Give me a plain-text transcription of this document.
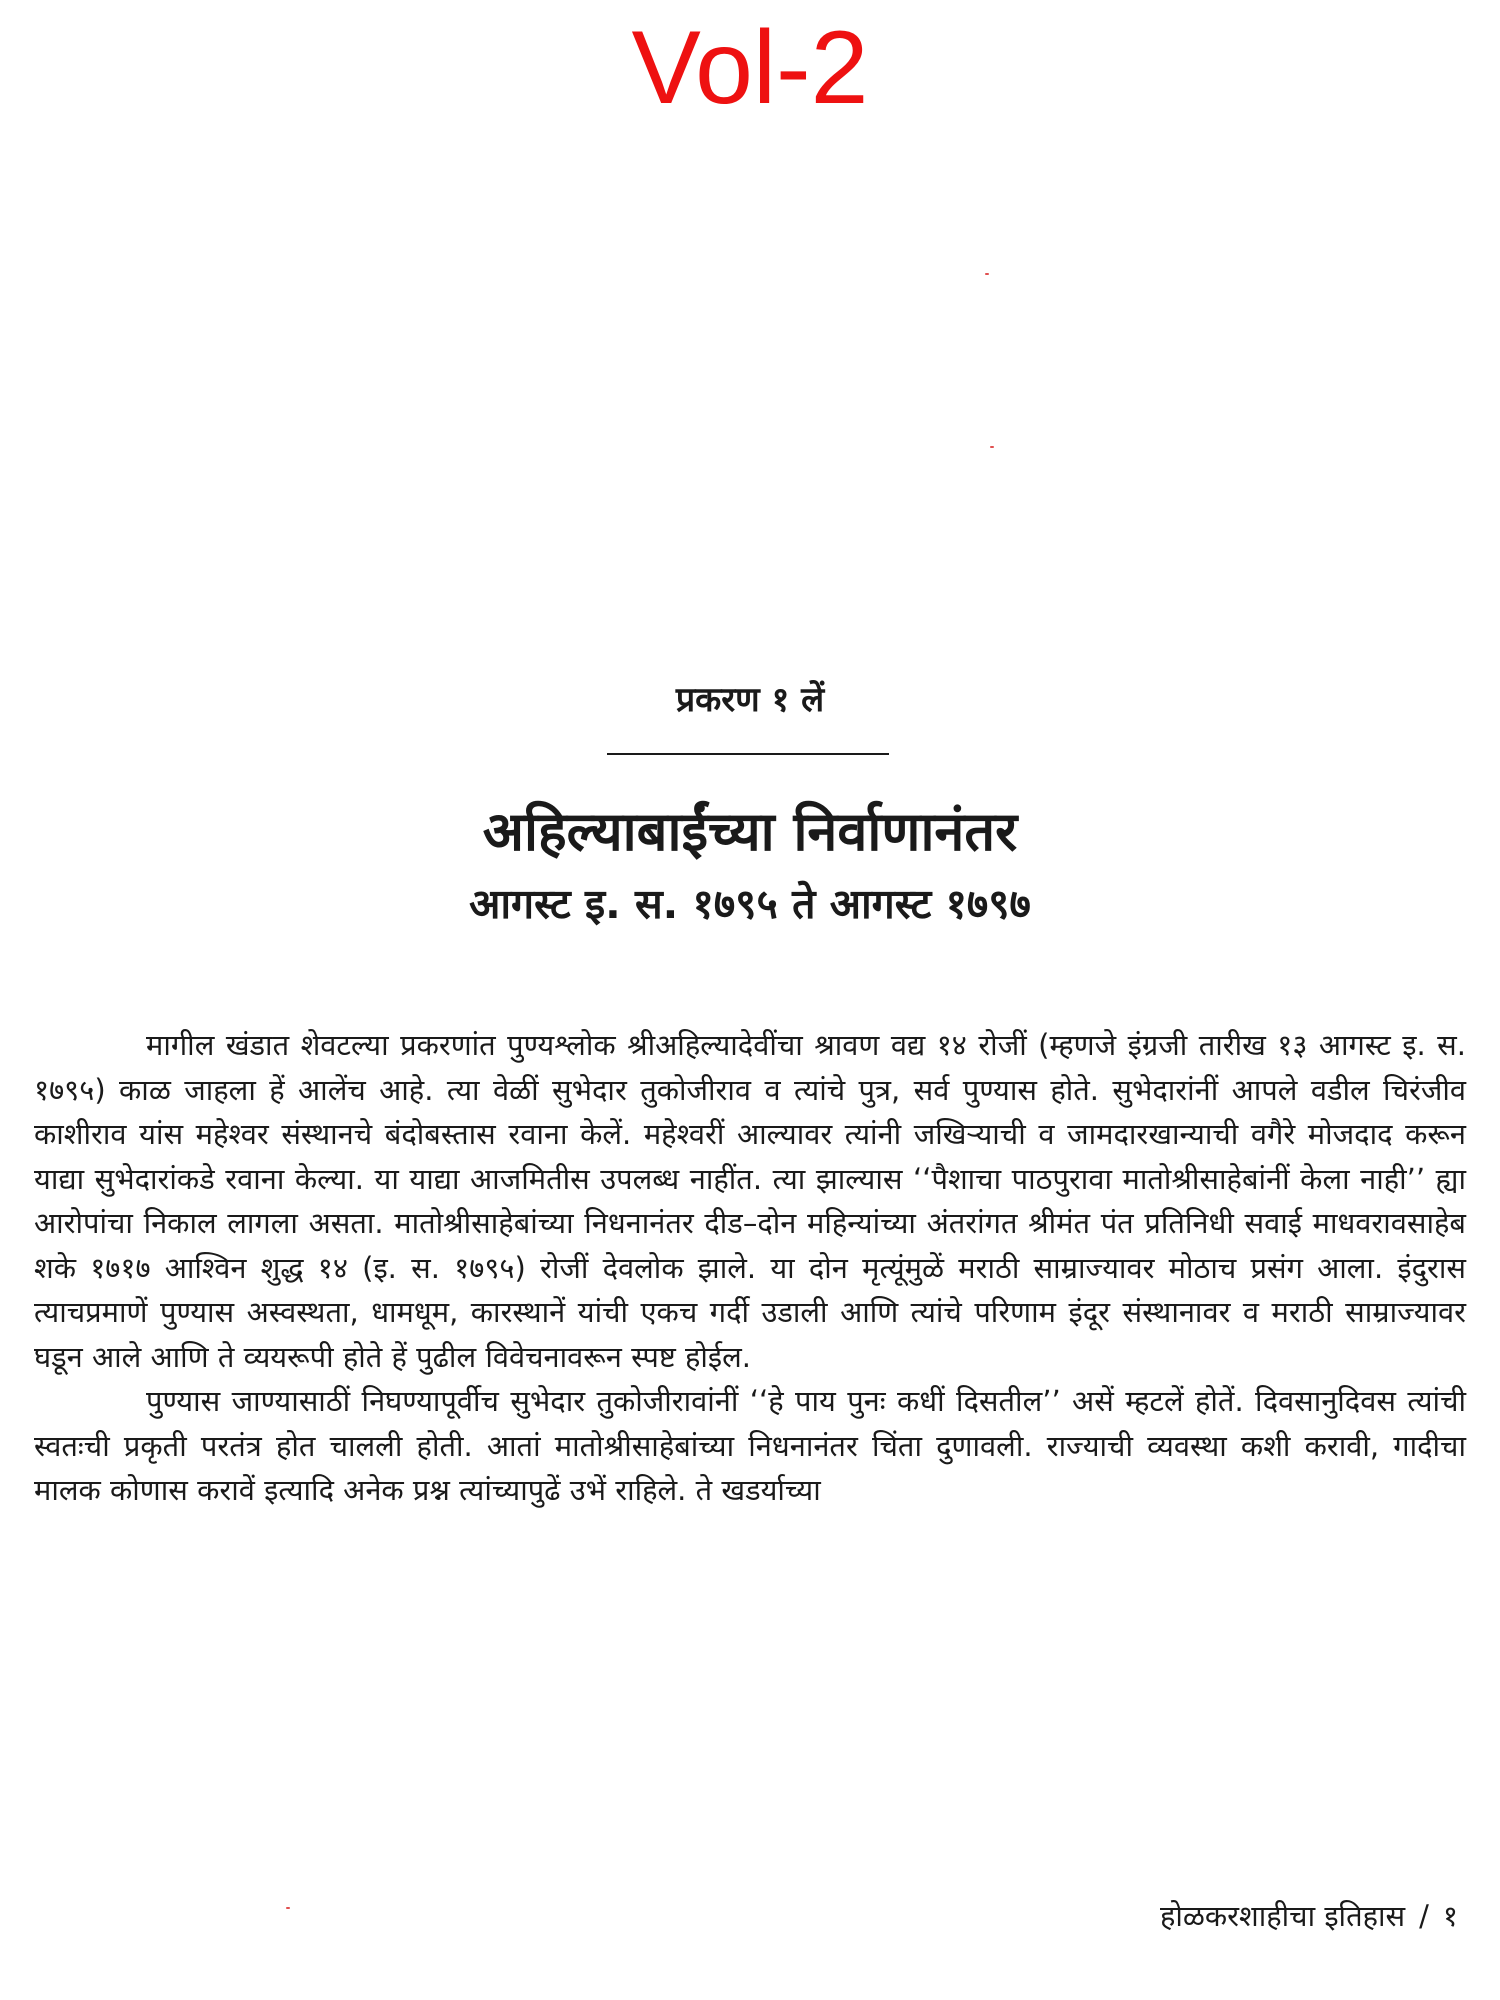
Vol-2
प्रकरण १ लें
अहिल्याबाईंच्या निर्वाणानंतर
आगस्ट इ. स. १७९५ ते आगस्ट १७९७

मागील खंडात शेवटल्या प्रकरणांत पुण्यश्लोक श्रीअहिल्यादेवींचा श्रावण वद्य १४ रोजीं (म्हणजे इंग्रजी तारीख १३ आगस्ट इ. स. १७९५) काळ जाहला हें आलेंच आहे. त्या वेळीं सुभेदार तुकोजीराव व त्यांचे पुत्र, सर्व पुण्यास होते. सुभेदारांनीं आपले वडील चिरंजीव काशीराव यांस महेश्वर संस्थानचे बंदोबस्तास रवाना केलें. महेश्वरीं आल्यावर त्यांनी जखिऱ्याची व जामदारखान्याची वगैरे मोजदाद करून याद्या सुभेदारांकडे रवाना केल्या. या याद्या आजमितीस उपलब्ध नाहींत. त्या झाल्यास ‘‘पैशाचा पाठपुरावा मातोश्रीसाहेबांनीं केला नाही’’ ह्या आरोपांचा निकाल लागला असता. मातोश्रीसाहेबांच्या निधनानंतर दीड–दोन महिन्यांच्या अंतरांगत श्रीमंत पंत प्रतिनिधी सवाई माधवरावसाहेब शके १७१७ आश्विन शुद्ध १४ (इ. स. १७९५) रोजीं देवलोक झाले. या दोन मृत्यूंमुळें मराठी साम्राज्यावर मोठाच प्रसंग आला. इंदुरास त्याचप्रमाणें पुण्यास अस्वस्थता, धामधूम, कारस्थानें यांची एकच गर्दी उडाली आणि त्यांचे परिणाम इंदूर संस्थानावर व मराठी साम्राज्यावर घडून आले आणि ते व्ययरूपी होते हें पुढील विवेचनावरून स्पष्ट होईल.

पुण्यास जाण्यासाठीं निघण्यापूर्वीच सुभेदार तुकोजीरावांनीं ‘‘हे पाय पुनः कधीं दिसतील’’ असें म्हटलें होतें. दिवसानुदिवस त्यांची स्वतःची प्रकृती परतंत्र होत चालली होती. आतां मातोश्रीसाहेबांच्या निधनानंतर चिंता दुणावली. राज्याची व्यवस्था कशी करावी, गादीचा मालक कोणास करावें इत्यादि अनेक प्रश्न त्यांच्यापुढें उभें राहिले. ते खडर्याच्या

होळकरशाहीचा इतिहास / १
